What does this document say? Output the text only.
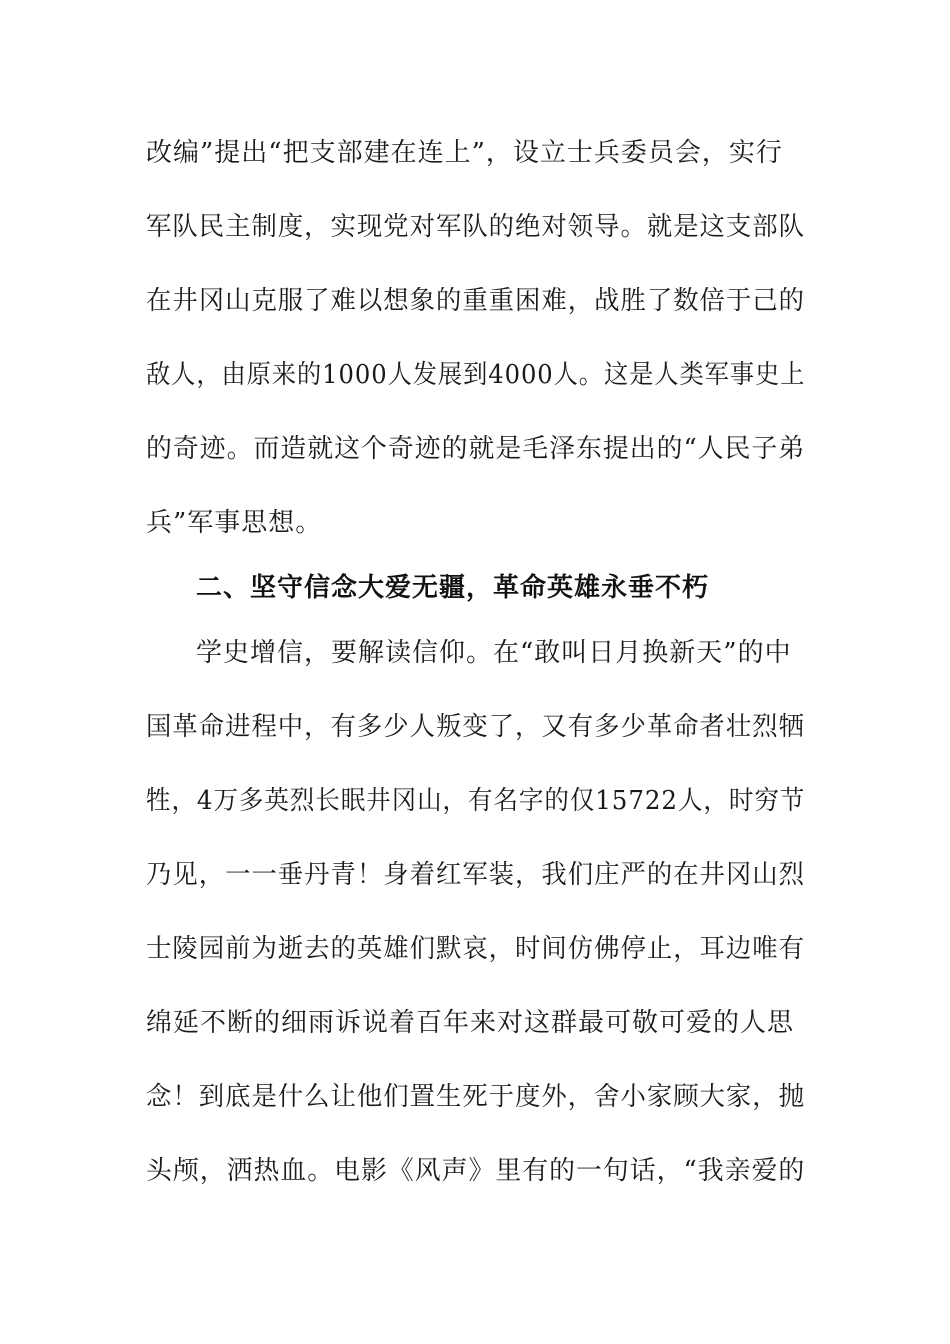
改编”提出“把支部建在连上”，设立士兵委员会，实行
军队民主制度，实现党对军队的绝对领导。就是这支部队
在井冈山克服了难以想象的重重困难，战胜了数倍于己的
敌人，由原来的1000人发展到4000人。这是人类军事史上
的奇迹。而造就这个奇迹的就是毛泽东提出的“人民子弟
兵”军事思想。
二、坚守信念大爱无疆，革命英雄永垂不朽
学史增信，要解读信仰。在“敢叫日月换新天”的中
国革命进程中，有多少人叛变了，又有多少革命者壮烈牺
牲，4万多英烈长眠井冈山，有名字的仅15722人，时穷节
乃见，一一垂丹青！身着红军装，我们庄严的在井冈山烈
士陵园前为逝去的英雄们默哀，时间仿佛停止，耳边唯有
绵延不断的细雨诉说着百年来对这群最可敬可爱的人思
念！到底是什么让他们置生死于度外，舍小家顾大家，抛
头颅，洒热血。电影《风声》里有的一句话，“我亲爱的
